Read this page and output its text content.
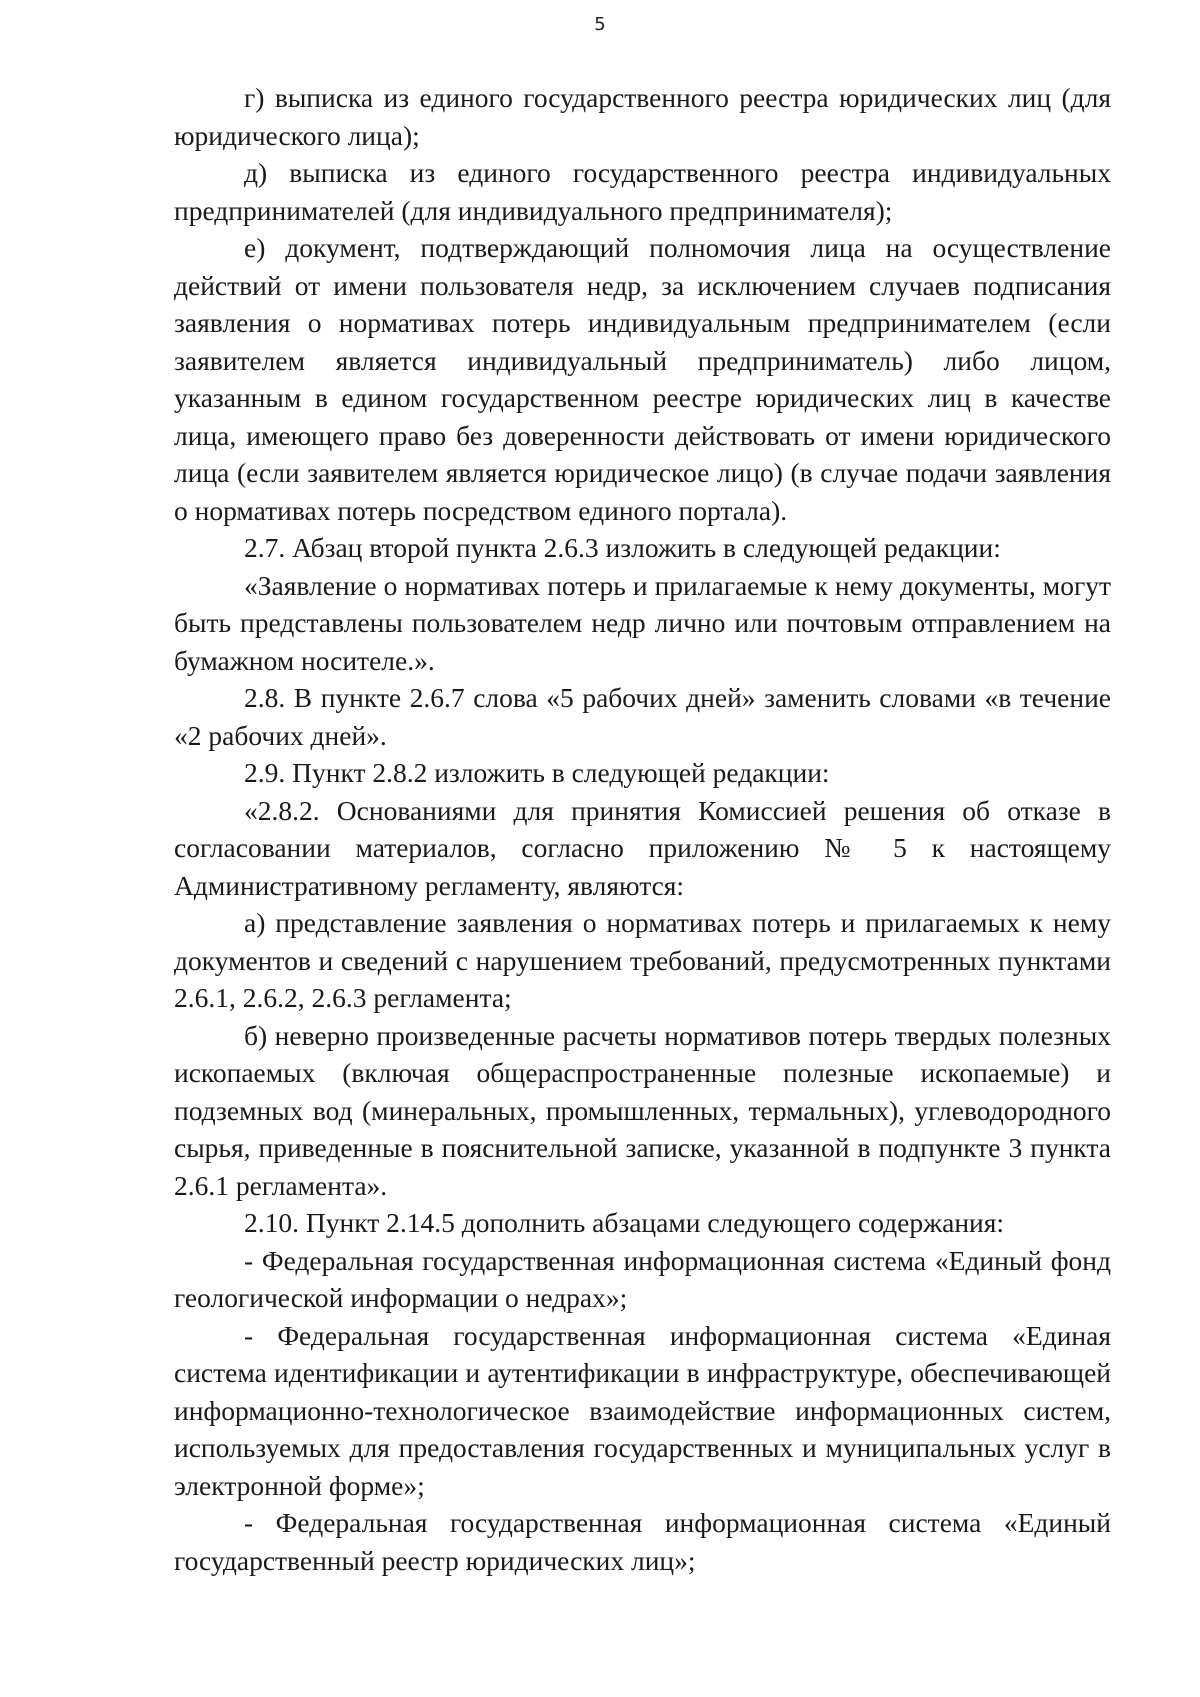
5

г) выписка из единого государственного реестра юридических лиц (для юридического лица);

д) выписка из единого государственного реестра индивидуальных предпринимателей (для индивидуального предпринимателя);

е) документ, подтверждающий полномочия лица на осуществление действий от имени пользователя недр, за исключением случаев подписания заявления о нормативах потерь индивидуальным предпринимателем (если заявителем является индивидуальный предприниматель) либо лицом, указанным в едином государственном реестре юридических лиц в качестве лица, имеющего право без доверенности действовать от имени юридического лица (если заявителем является юридическое лицо) (в случае подачи заявления о нормативах потерь посредством единого портала).

2.7. Абзац второй пункта 2.6.3 изложить в следующей редакции:

«Заявление о нормативах потерь и прилагаемые к нему документы, могут быть представлены пользователем недр лично или почтовым отправлением на бумажном носителе.».

2.8. В пункте 2.6.7 слова «5 рабочих дней» заменить словами «в течение «2 рабочих дней».

2.9. Пункт 2.8.2 изложить в следующей редакции:

«2.8.2. Основаниями для принятия Комиссией решения об отказе в согласовании материалов, согласно приложению № 5 к настоящему Административному регламенту, являются:

а) представление заявления о нормативах потерь и прилагаемых к нему документов и сведений с нарушением требований, предусмотренных пунктами 2.6.1, 2.6.2, 2.6.3 регламента;

б) неверно произведенные расчеты нормативов потерь твердых полезных ископаемых (включая общераспространенные полезные ископаемые) и подземных вод (минеральных, промышленных, термальных), углеводородного сырья, приведенные в пояснительной записке, указанной в подпункте 3 пункта 2.6.1 регламента».

2.10. Пункт 2.14.5 дополнить абзацами следующего содержания:

- Федеральная государственная информационная система «Единый фонд геологической информации о недрах»;

- Федеральная государственная информационная система «Единая система идентификации и аутентификации в инфраструктуре, обеспечивающей информационно-технологическое взаимодействие информационных систем, используемых для предоставления государственных и муниципальных услуг в электронной форме»;

- Федеральная государственная информационная система «Единый государственный реестр юридических лиц»;
